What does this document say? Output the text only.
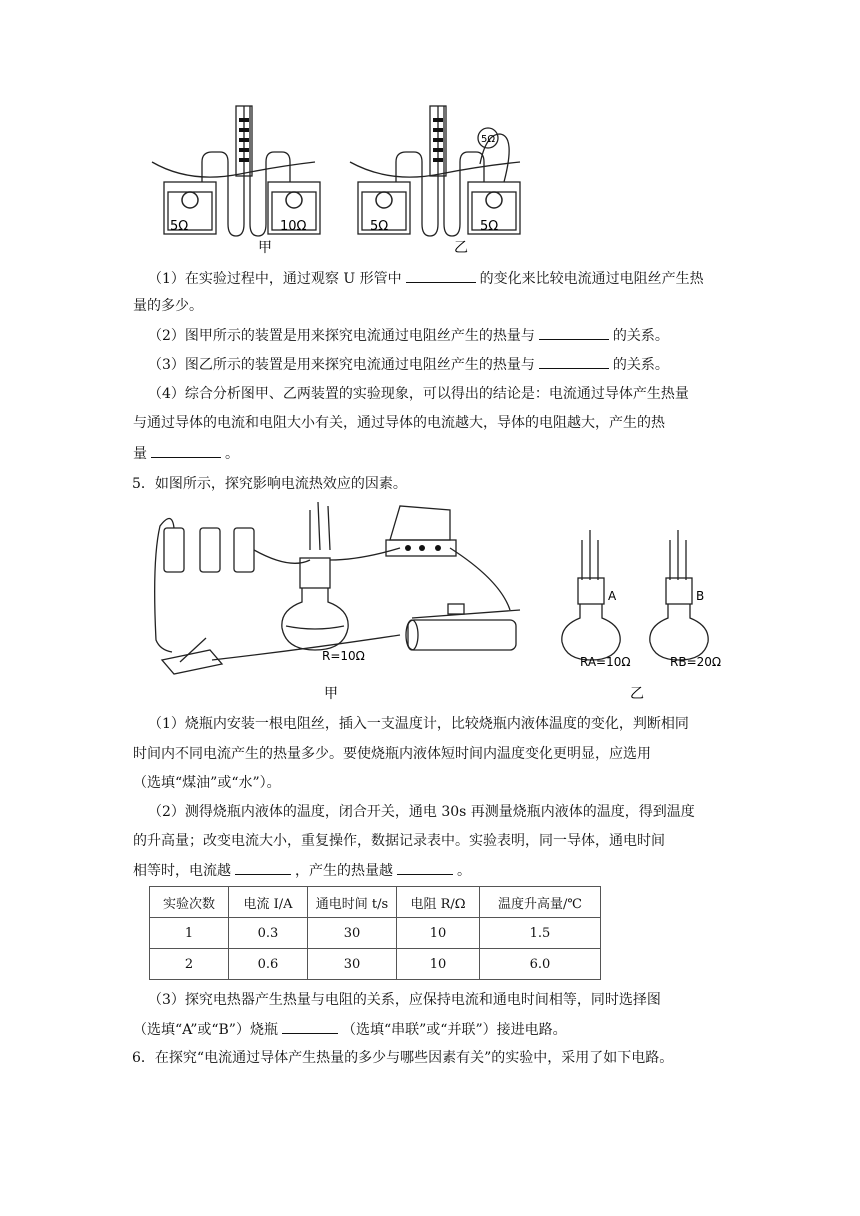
5Ω	10Ω	5Ω	5Ω
5Ω
甲	乙
（1）在实验过程中，通过观察 U 形管中	的变化来比较电流通过电阻丝产生热
量的多少。
（2）图甲所示的装置是用来探究电流通过电阻丝产生的热量与	的关系。
（3）图乙所示的装置是用来探究电流通过电阻丝产生的热量与	的关系。
（4）综合分析图甲、乙两装置的实验现象，可以得出的结论是：电流通过导体产生热量
与通过导体的电流和电阻大小有关，通过导体的电流越大，导体的电阻越大，产生的热
量	。
5．如图所示，探究影响电流热效应的因素。
R=10Ω	RA=10Ω	RB=20Ω
A	B
甲	乙
（1）烧瓶内安装一根电阻丝，插入一支温度计，比较烧瓶内液体温度的变化，判断相同
时间内不同电流产生的热量多少。要使烧瓶内液体短时间内温度变化更明显，应选用
（选填“煤油”或“水”）。
（2）测得烧瓶内液体的温度，闭合开关，通电 30s 再测量烧瓶内液体的温度，得到温度
的升高量；改变电流大小，重复操作，数据记录表中。实验表明，同一导体，通电时间
相等时，电流越	，产生的热量越	。
实验次数	电流 I/A	通电时间 t/s	电阻 R/Ω	温度升高量/℃
1	0.3	30	10	1.5
2	0.6	30	10	6.0
（3）探究电热器产生热量与电阻的关系，应保持电流和通电时间相等，同时选择图
（选填“A”或“B”）烧瓶	（选填“串联”或“并联”）接进电路。
6．在探究“电流通过导体产生热量的多少与哪些因素有关”的实验中，采用了如下电路。
